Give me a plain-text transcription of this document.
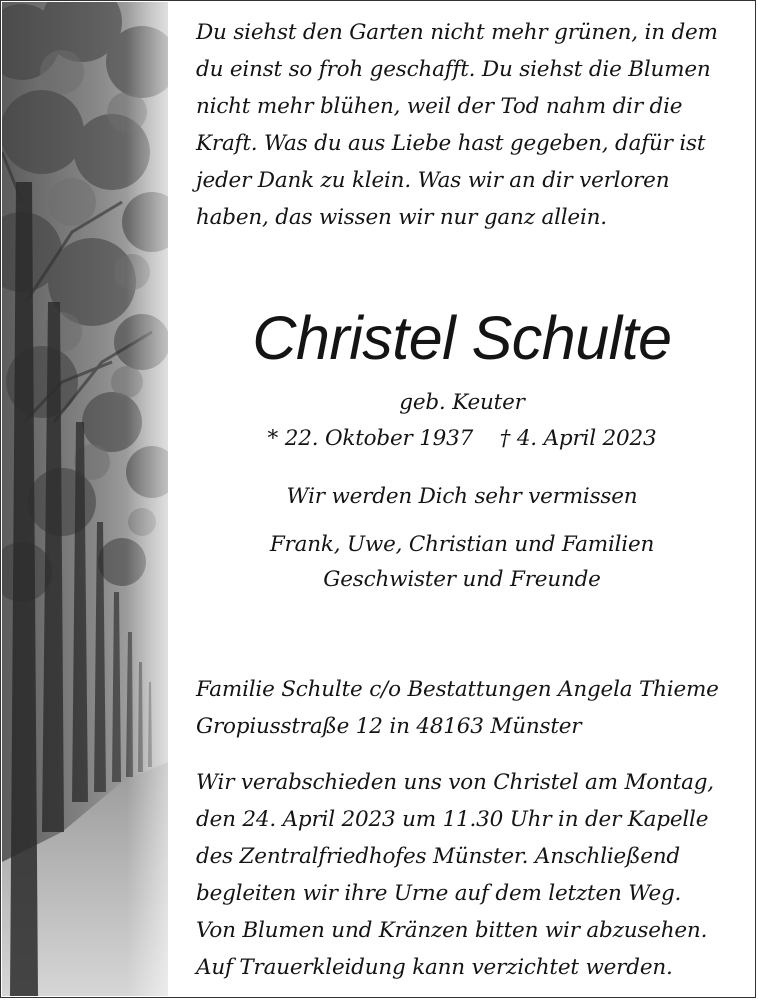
Du siehst den Garten nicht mehr grünen, in dem
du einst so froh geschafft. Du siehst die Blumen
nicht mehr blühen, weil der Tod nahm dir die
Kraft. Was du aus Liebe hast gegeben, dafür ist
jeder Dank zu klein. Was wir an dir verloren
haben, das wissen wir nur ganz allein.
Christel Schulte
geb. Keuter
* 22. Oktober 1937    † 4. April 2023
Wir werden Dich sehr vermissen
Frank, Uwe, Christian und Familien
Geschwister und Freunde
Familie Schulte c/o Bestattungen Angela Thieme
Gropiusstraße 12 in 48163 Münster
Wir verabschieden uns von Christel am Montag,
den 24. April 2023 um 11.30 Uhr in der Kapelle
des Zentralfriedhofes Münster. Anschließend
begleiten wir ihre Urne auf dem letzten Weg.
Von Blumen und Kränzen bitten wir abzusehen.
Auf Trauerkleidung kann verzichtet werden.
